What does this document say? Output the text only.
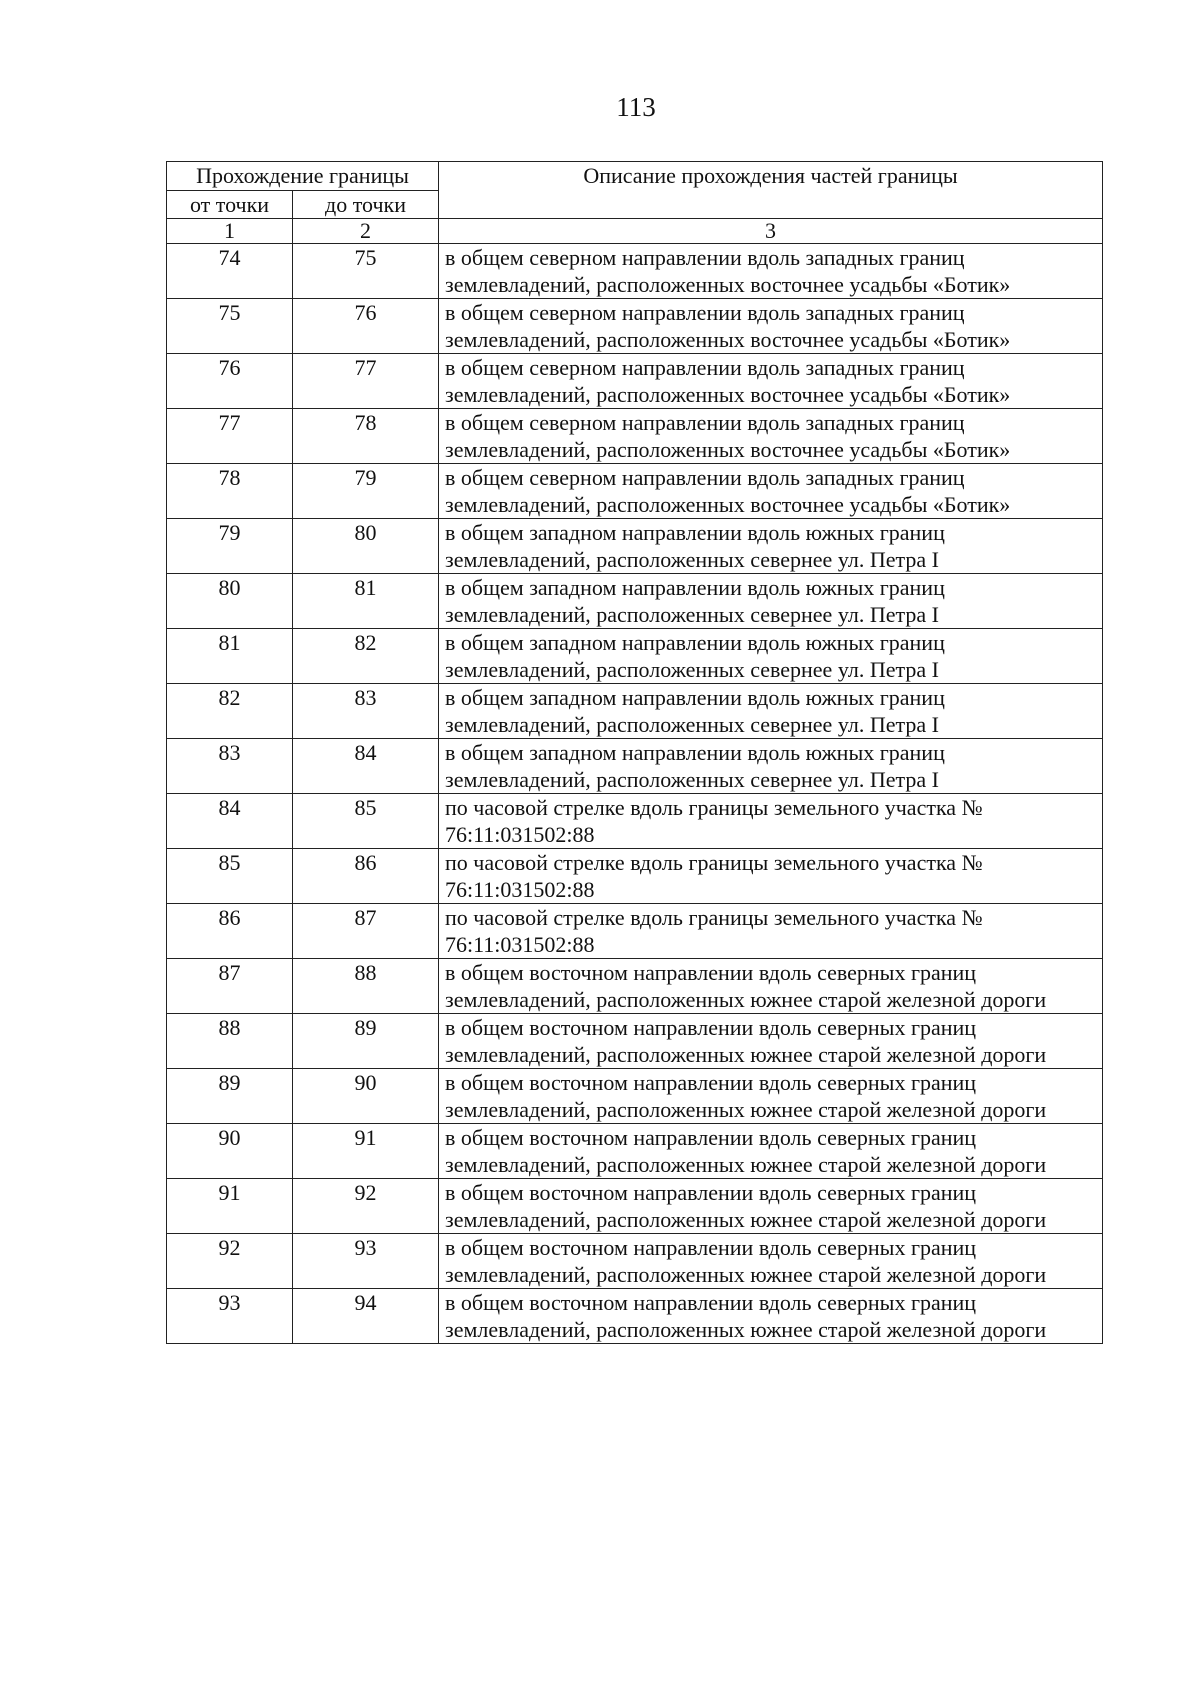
113
Прохождение границы		Описание прохождения частей границы
от точки	до точки	
1	2	3
74	75	в общем северном направлении вдоль западных границ землевладений, расположенных восточнее усадьбы «Ботик»
75	76	в общем северном направлении вдоль западных границ землевладений, расположенных восточнее усадьбы «Ботик»
76	77	в общем северном направлении вдоль западных границ землевладений, расположенных восточнее усадьбы «Ботик»
77	78	в общем северном направлении вдоль западных границ землевладений, расположенных восточнее усадьбы «Ботик»
78	79	в общем северном направлении вдоль западных границ землевладений, расположенных восточнее усадьбы «Ботик»
79	80	в общем западном направлении вдоль южных границ землевладений, расположенных севернее ул. Петра I
80	81	в общем западном направлении вдоль южных границ землевладений, расположенных севернее ул. Петра I
81	82	в общем западном направлении вдоль южных границ землевладений, расположенных севернее ул. Петра I
82	83	в общем западном направлении вдоль южных границ землевладений, расположенных севернее ул. Петра I
83	84	в общем западном направлении вдоль южных границ землевладений, расположенных севернее ул. Петра I
84	85	по часовой стрелке вдоль границы земельного участка № 76:11:031502:88
85	86	по часовой стрелке вдоль границы земельного участка № 76:11:031502:88
86	87	по часовой стрелке вдоль границы земельного участка № 76:11:031502:88
87	88	в общем восточном направлении вдоль северных границ землевладений, расположенных южнее старой железной дороги
88	89	в общем восточном направлении вдоль северных границ землевладений, расположенных южнее старой железной дороги
89	90	в общем восточном направлении вдоль северных границ землевладений, расположенных южнее старой железной дороги
90	91	в общем восточном направлении вдоль северных границ землевладений, расположенных южнее старой железной дороги
91	92	в общем восточном направлении вдоль северных границ землевладений, расположенных южнее старой железной дороги
92	93	в общем восточном направлении вдоль северных границ землевладений, расположенных южнее старой железной дороги
93	94	в общем восточном направлении вдоль северных границ землевладений, расположенных южнее старой железной дороги
